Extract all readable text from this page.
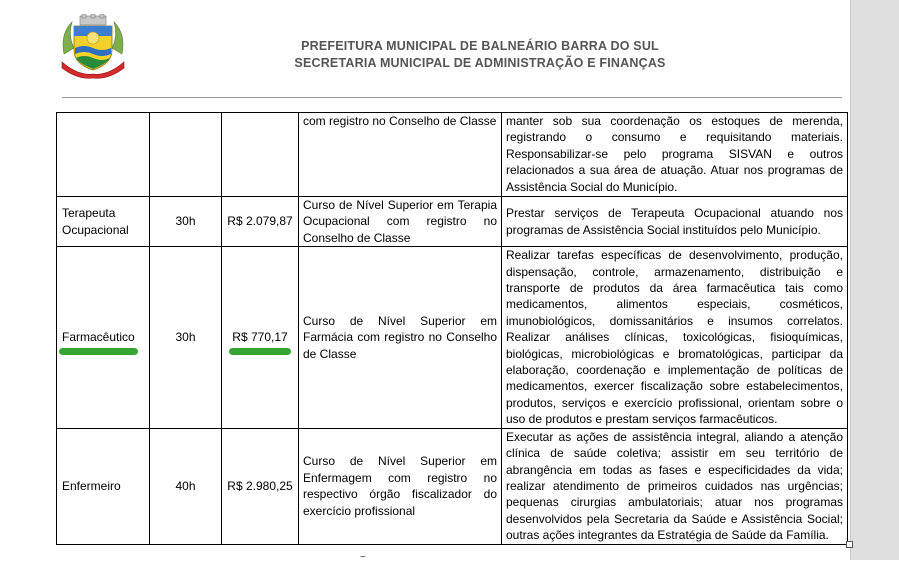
PREFEITURA MUNICIPAL DE BALNEÁRIO BARRA DO SUL
SECRETARIA MUNICIPAL DE ADMINISTRAÇÃO E FINANÇAS
			com registro no Conselho de Classe	manter sob sua coordenação os estoques de merenda, registrando o consumo e requisitando materiais. Responsabilizar-se pelo programa SISVAN e outros relacionados a sua área de atuação. Atuar nos programas de Assistência Social do Município.
Terapeuta Ocupacional	30h	R$ 2.079,87	Curso de Nível Superior em Terapia Ocupacional com registro no Conselho de Classe	Prestar serviços de Terapeuta Ocupacional atuando nos programas de Assistência Social instituídos pelo Município.
Farmacêutico	30h	R$ 770,17	Curso de Nível Superior em Farmácia com registro no Conselho de Classe	Realizar tarefas específicas de desenvolvimento, produção, dispensação, controle, armazenamento, distribuição e transporte de produtos da área farmacêutica tais como medicamentos, alimentos especiais, cosméticos, imunobiológicos, domissanitários e insumos correlatos. Realizar análises clínicas, toxicológicas, fisioquímicas, biológicas, microbiológicas e bromatológicas, participar da elaboração, coordenação e implementação de políticas de medicamentos, exercer fiscalização sobre estabelecimentos, produtos, serviços e exercício profissional, orientam sobre o uso de produtos e prestam serviços farmacêuticos.
Enfermeiro	40h	R$ 2.980,25	Curso de Nível Superior em Enfermagem com registro no respectivo órgão fiscalizador do exercício profissional	Executar as ações de assistência integral, aliando a atenção clínica de saúde coletiva; assistir em seu território de abrangência em todas as fases e especificidades da vida; realizar atendimento de primeiros cuidados nas urgências; pequenas cirurgias ambulatoriais; atuar nos programas desenvolvidos pela Secretaria da Saúde e Assistência Social; outras ações integrantes da Estratégia de Saúde da Família.
~
